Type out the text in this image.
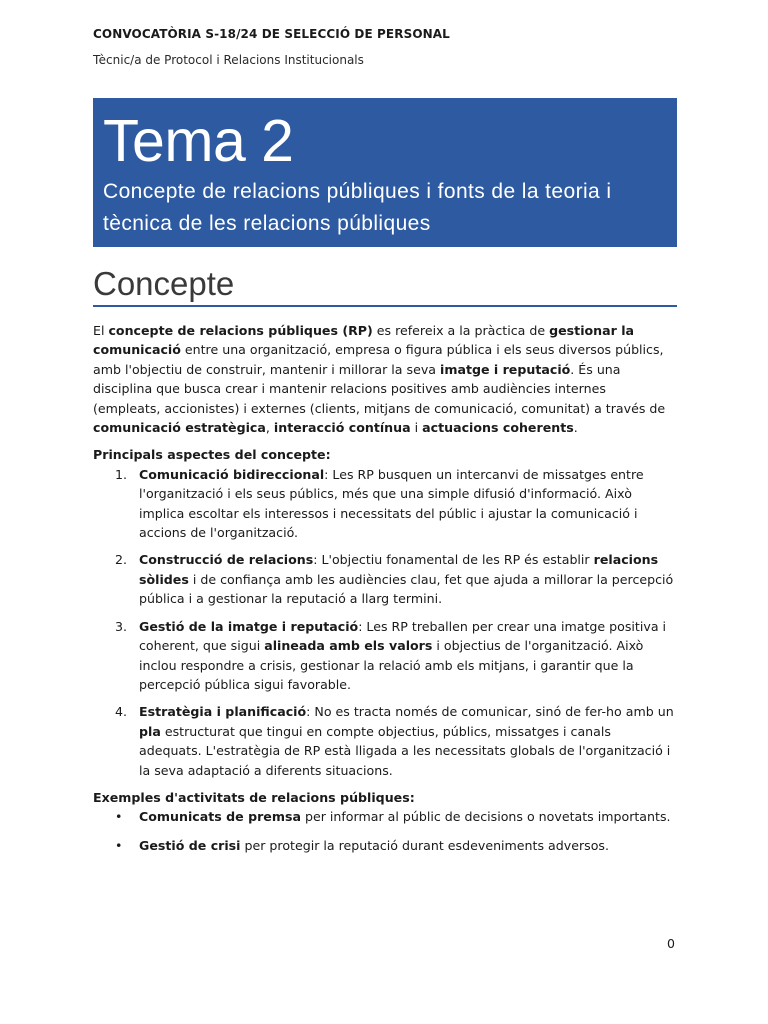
CONVOCATÒRIA S-18/24 DE SELECCIÓ DE PERSONAL
Tècnic/a de Protocol i Relacions Institucionals
Tema 2
Concepte de relacions públiques i fonts de la teoria i
tècnica de les relacions públiques
Concepte

El concepte de relacions públiques (RP) es refereix a la pràctica de gestionar la comunicació entre una organització, empresa o figura pública i els seus diversos públics, amb l'objectiu de construir, mantenir i millorar la seva imatge i reputació. És una disciplina que busca crear i mantenir relacions positives amb audiències internes (empleats, accionistes) i externes (clients, mitjans de comunicació, comunitat) a través de comunicació estratègica, interacció contínua i actuacions coherents.

Principals aspectes del concepte:

1. Comunicació bidireccional: Les RP busquen un intercanvi de missatges entre l'organització i els seus públics, més que una simple difusió d'informació. Això implica escoltar els interessos i necessitats del públic i ajustar la comunicació i accions de l'organització.
2. Construcció de relacions: L'objectiu fonamental de les RP és establir relacions sòlides i de confiança amb les audiències clau, fet que ajuda a millorar la percepció pública i a gestionar la reputació a llarg termini.
3. Gestió de la imatge i reputació: Les RP treballen per crear una imatge positiva i coherent, que sigui alineada amb els valors i objectius de l'organització. Això inclou respondre a crisis, gestionar la relació amb els mitjans, i garantir que la percepció pública sigui favorable.
4. Estratègia i planificació: No es tracta només de comunicar, sinó de fer-ho amb un pla estructurat que tingui en compte objectius, públics, missatges i canals adequats. L'estratègia de RP està lligada a les necessitats globals de l'organització i la seva adaptació a diferents situacions.

Exemples d'activitats de relacions públiques:

• Comunicats de premsa per informar al públic de decisions o novetats importants.
• Gestió de crisi per protegir la reputació durant esdeveniments adversos.
0
